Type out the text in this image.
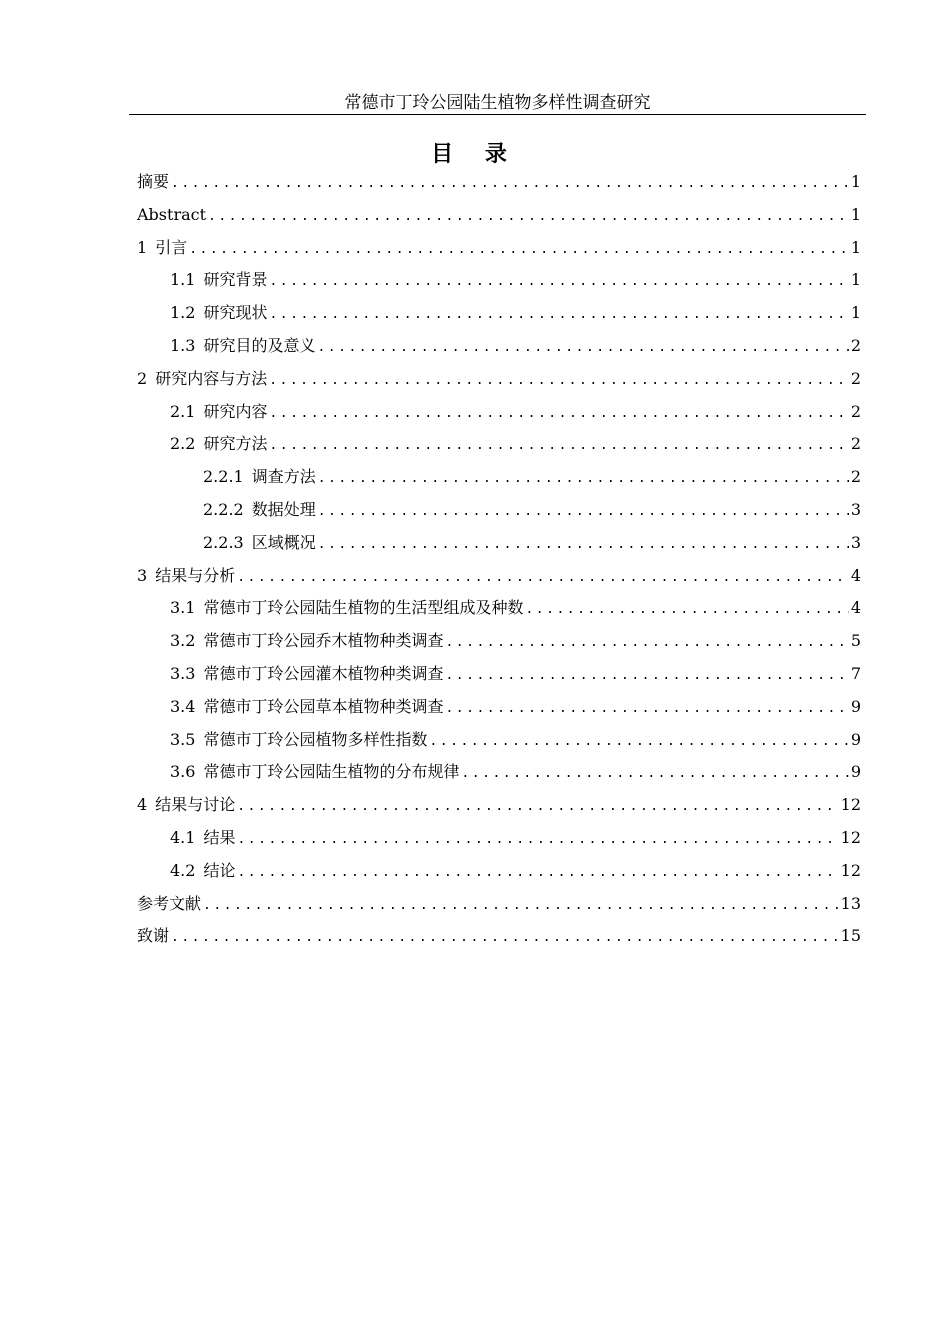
常德市丁玲公园陆生植物多样性调查研究
目 录
摘要 .....	1
Abstract .....	1
1 引言 .....	1
1.1 研究背景 .....	1
1.2 研究现状 .....	1
1.3 研究目的及意义 .....	2
2 研究内容与方法 .....	2
2.1 研究内容 .....	2
2.2 研究方法 .....	2
2.2.1 调查方法 .....	2
2.2.2 数据处理 .....	3
2.2.3 区域概况 .....	3
3 结果与分析 .....	4
3.1 常德市丁玲公园陆生植物的生活型组成及种数 .....	4
3.2 常德市丁玲公园乔木植物种类调查 .....	5
3.3 常德市丁玲公园灌木植物种类调查 .....	7
3.4 常德市丁玲公园草本植物种类调查 .....	9
3.5 常德市丁玲公园植物多样性指数 .....	9
3.6 常德市丁玲公园陆生植物的分布规律 .....	9
4 结果与讨论 .....	12
4.1 结果 .....	12
4.2 结论 .....	12
参考文献 .....	13
致谢 .....	15
